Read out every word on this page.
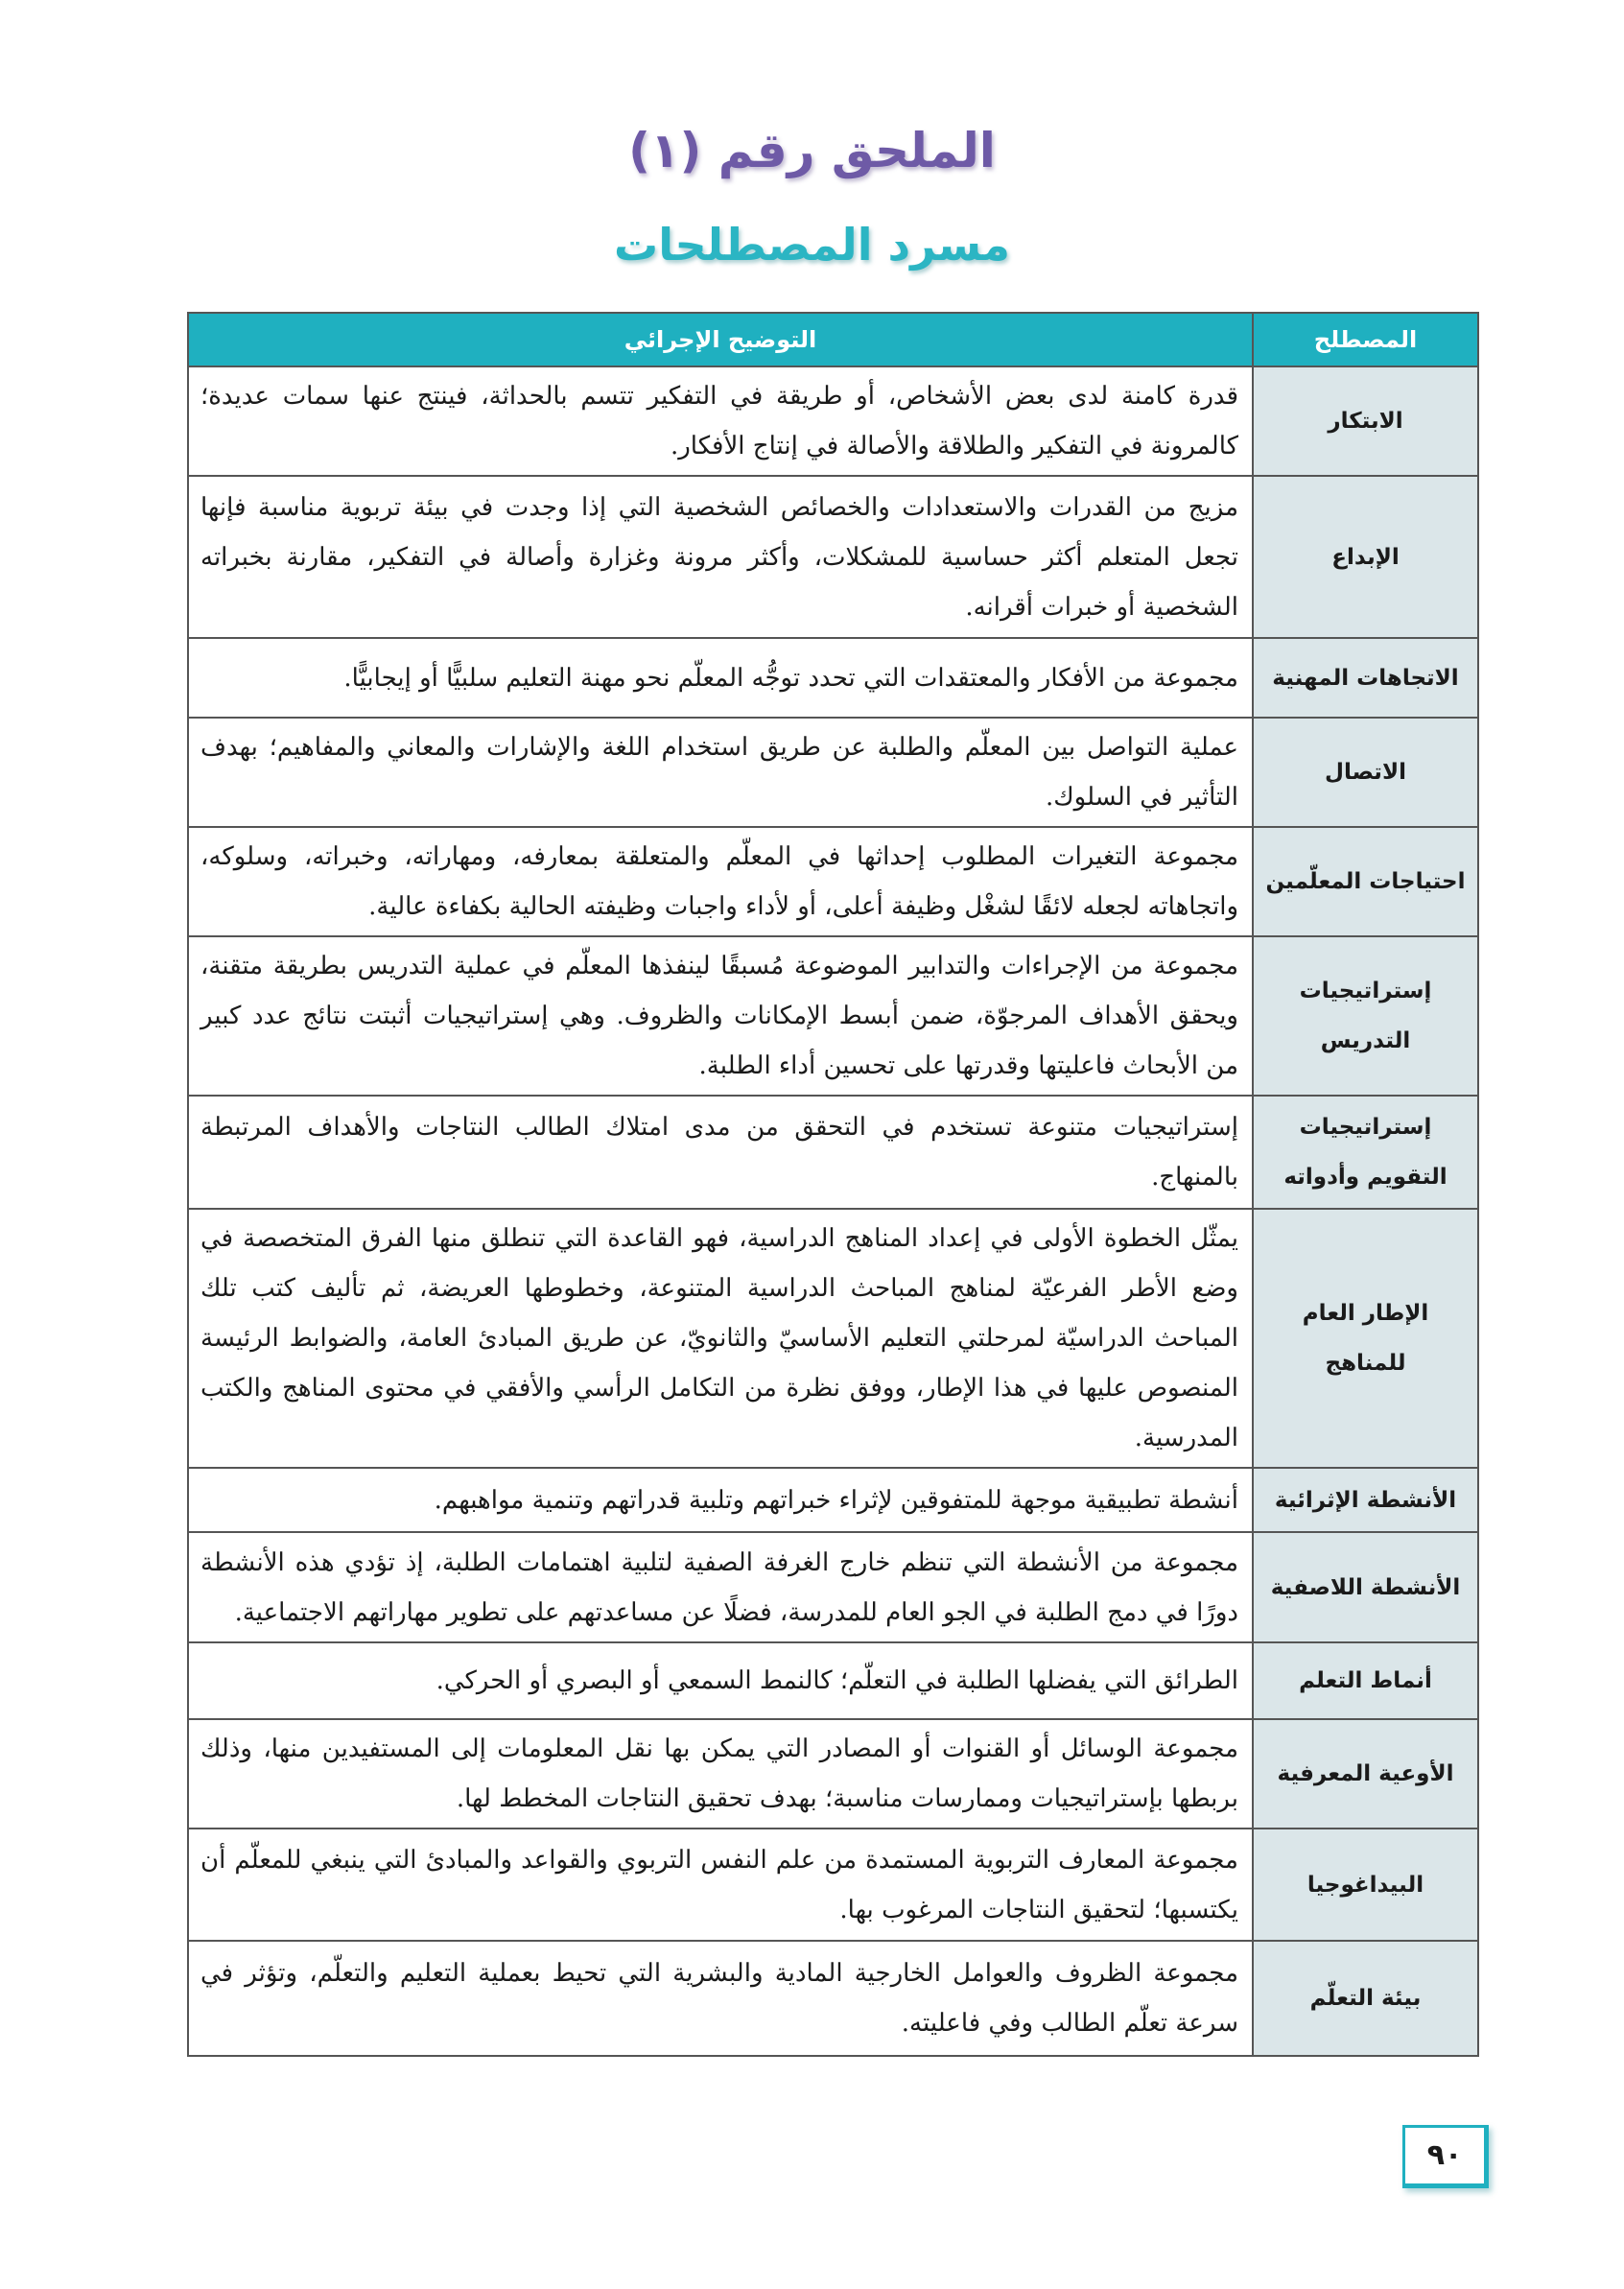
الملحق رقم (١)
مسرد المصطلحات
المصطلح	التوضيح الإجرائي
الابتكار	قدرة كامنة لدى بعض الأشخاص، أو طريقة في التفكير تتسم بالحداثة، فينتج عنها سمات عديدة؛ كالمرونة في التفكير والطلاقة والأصالة في إنتاج الأفكار.
الإبداع	مزيج من القدرات والاستعدادات والخصائص الشخصية التي إذا وجدت في بيئة تربوية مناسبة فإنها تجعل المتعلم أكثر حساسية للمشكلات، وأكثر مرونة وغزارة وأصالة في التفكير، مقارنة بخبراته الشخصية أو خبرات أقرانه.
الاتجاهات المهنية	مجموعة من الأفكار والمعتقدات التي تحدد توجُّه المعلّم نحو مهنة التعليم سلبيًّا أو إيجابيًّا.
الاتصال	عملية التواصل بين المعلّم والطلبة عن طريق استخدام اللغة والإشارات والمعاني والمفاهيم؛ بهدف التأثير في السلوك.
احتياجات المعلّمين	مجموعة التغيرات المطلوب إحداثها في المعلّم والمتعلقة بمعارفه، ومهاراته، وخبراته، وسلوكه، واتجاهاته لجعله لائقًا لشغْل وظيفة أعلى، أو لأداء واجبات وظيفته الحالية بكفاءة عالية.
إستراتيجيات التدريس	مجموعة من الإجراءات والتدابير الموضوعة مُسبقًا لينفذها المعلّم في عملية التدريس بطريقة متقنة، ويحقق الأهداف المرجوّة، ضمن أبسط الإمكانات والظروف. وهي إستراتيجيات أثبتت نتائج عدد كبير من الأبحاث فاعليتها وقدرتها على تحسين أداء الطلبة.
إستراتيجيات التقويم وأدواته	إستراتيجيات متنوعة تستخدم في التحقق من مدى امتلاك الطالب النتاجات والأهداف المرتبطة بالمنهاج.
الإطار العام للمناهج	يمثّل الخطوة الأولى في إعداد المناهج الدراسية، فهو القاعدة التي تنطلق منها الفرق المتخصصة في وضع الأطر الفرعيّة لمناهج المباحث الدراسية المتنوعة، وخطوطها العريضة، ثم تأليف كتب تلك المباحث الدراسيّة لمرحلتي التعليم الأساسيّ والثانويّ، عن طريق المبادئ العامة، والضوابط الرئيسة المنصوص عليها في هذا الإطار، ووفق نظرة من التكامل الرأسي والأفقي في محتوى المناهج والكتب المدرسية.
الأنشطة الإثرائية	أنشطة تطبيقية موجهة للمتفوقين لإثراء خبراتهم وتلبية قدراتهم وتنمية مواهبهم.
الأنشطة اللاصفية	مجموعة من الأنشطة التي تنظم خارج الغرفة الصفية لتلبية اهتمامات الطلبة، إذ تؤدي هذه الأنشطة دورًا في دمج الطلبة في الجو العام للمدرسة، فضلًا عن مساعدتهم على تطوير مهاراتهم الاجتماعية.
أنماط التعلم	الطرائق التي يفضلها الطلبة في التعلّم؛ كالنمط السمعي أو البصري أو الحركي.
الأوعية المعرفية	مجموعة الوسائل أو القنوات أو المصادر التي يمكن بها نقل المعلومات إلى المستفيدين منها، وذلك بربطها بإستراتيجيات وممارسات مناسبة؛ بهدف تحقيق النتاجات المخطط لها.
البيداغوجيا	مجموعة المعارف التربوية المستمدة من علم النفس التربوي والقواعد والمبادئ التي ينبغي للمعلّم أن يكتسبها؛ لتحقيق النتاجات المرغوب بها.
بيئة التعلّم	مجموعة الظروف والعوامل الخارجية المادية والبشرية التي تحيط بعملية التعليم والتعلّم، وتؤثر في سرعة تعلّم الطالب وفي فاعليته.
٩٠
